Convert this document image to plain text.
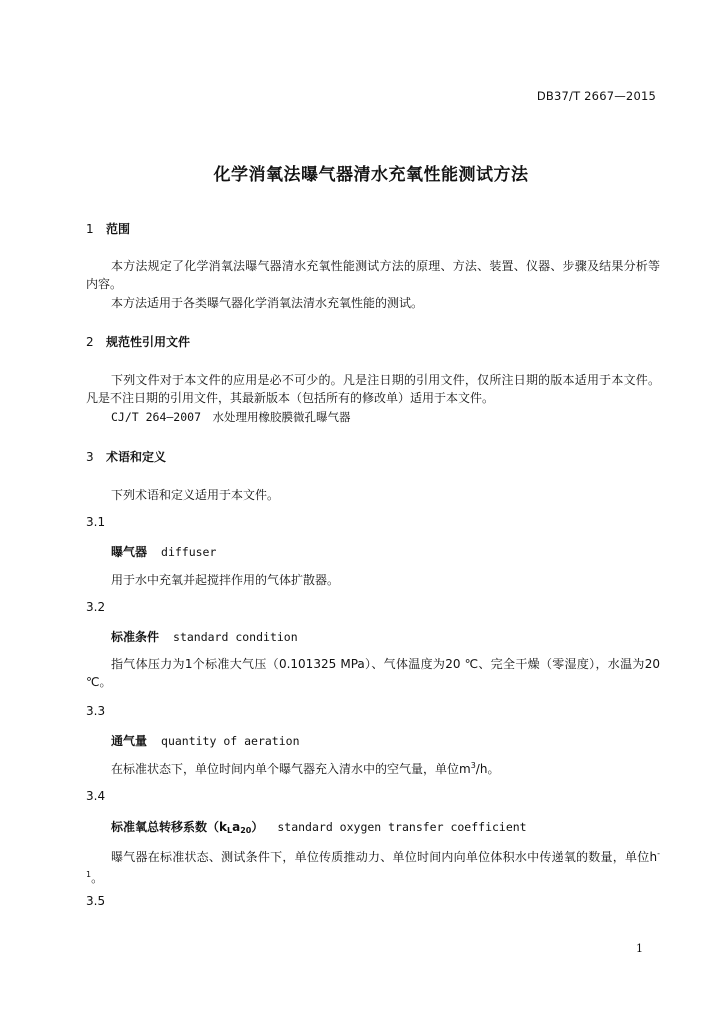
DB37/T 2667—2015
化学消氧法曝气器清水充氧性能测试方法
1 范围
本方法规定了化学消氧法曝气器清水充氧性能测试方法的原理、方法、装置、仪器、步骤及结果分析等内容。
本方法适用于各类曝气器化学消氧法清水充氧性能的测试。
2 规范性引用文件
下列文件对于本文件的应用是必不可少的。凡是注日期的引用文件，仅所注日期的版本适用于本文件。凡是不注日期的引用文件，其最新版本（包括所有的修改单）适用于本文件。
CJ/T 264—2007　水处理用橡胶膜微孔曝气器
3 术语和定义
下列术语和定义适用于本文件。
3.1
曝气器 diffuser
用于水中充氧并起搅拌作用的气体扩散器。
3.2
标准条件 standard condition
指气体压力为1个标准大气压（0.101325 MPa）、气体温度为20 ℃、完全干燥（零湿度），水温为20 ℃。
3.3
通气量 quantity of aeration
在标准状态下，单位时间内单个曝气器充入清水中的空气量，单位$m^3/h$。
3.4
标准氧总转移系数$(k_La_{20})$ standard oxygen transfer coefficient
曝气器在标准状态、测试条件下，单位传质推动力、单位时间内向单位体积水中传递氧的数量，单位$h^{-1}$。
3.5
1
